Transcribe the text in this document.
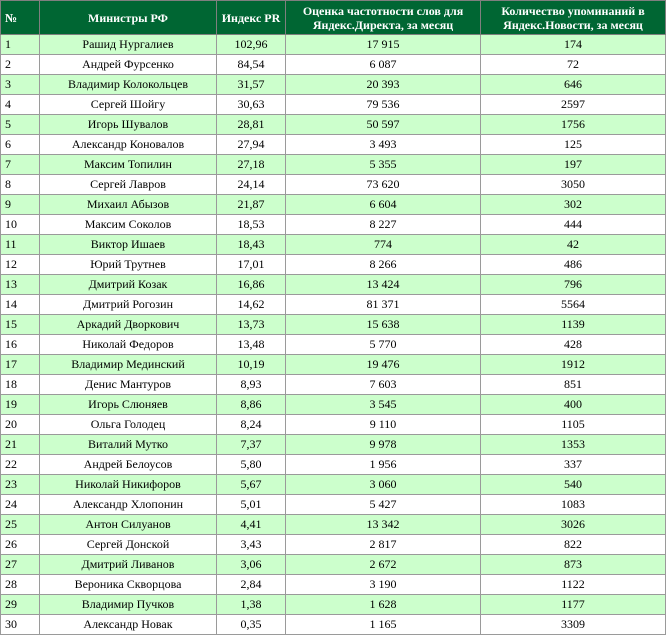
№	Министры РФ	Индекс PR	Оценка частотности слов для Яндекс.Директа, за месяц	Количество упоминаний в Яндекс.Новости, за месяц
1	Рашид Нургалиев	102,96	17 915	174
2	Андрей Фурсенко	84,54	6 087	72
3	Владимир Колокольцев	31,57	20 393	646
4	Сергей Шойгу	30,63	79 536	2597
5	Игорь Шувалов	28,81	50 597	1756
6	Александр Коновалов	27,94	3 493	125
7	Максим Топилин	27,18	5 355	197
8	Сергей Лавров	24,14	73 620	3050
9	Михаил Абызов	21,87	6 604	302
10	Максим Соколов	18,53	8 227	444
11	Виктор Ишаев	18,43	774	42
12	Юрий Трутнев	17,01	8 266	486
13	Дмитрий Козак	16,86	13 424	796
14	Дмитрий Рогозин	14,62	81 371	5564
15	Аркадий Дворкович	13,73	15 638	1139
16	Николай Федоров	13,48	5 770	428
17	Владимир Мединский	10,19	19 476	1912
18	Денис Мантуров	8,93	7 603	851
19	Игорь Слюняев	8,86	3 545	400
20	Ольга Голодец	8,24	9 110	1105
21	Виталий Мутко	7,37	9 978	1353
22	Андрей Белоусов	5,80	1 956	337
23	Николай Никифоров	5,67	3 060	540
24	Александр Хлопонин	5,01	5 427	1083
25	Антон Силуанов	4,41	13 342	3026
26	Сергей Донской	3,43	2 817	822
27	Дмитрий Ливанов	3,06	2 672	873
28	Вероника Скворцова	2,84	3 190	1122
29	Владимир Пучков	1,38	1 628	1177
30	Александр Новак	0,35	1 165	3309
